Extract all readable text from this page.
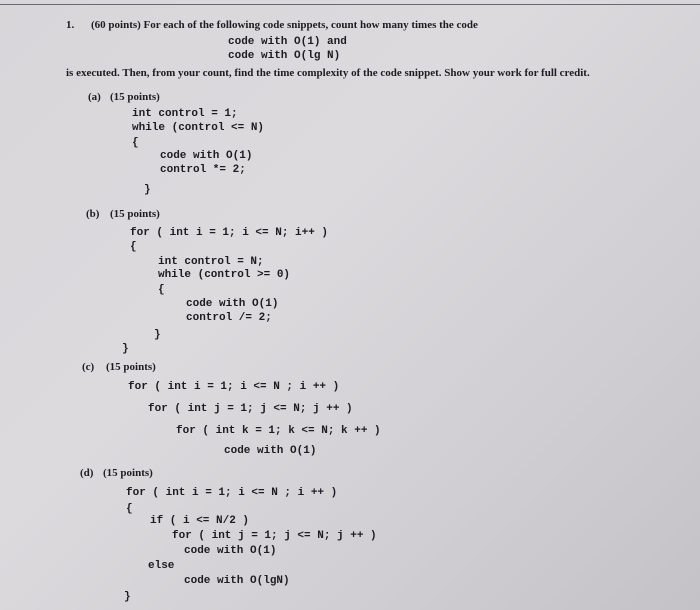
1. (60 points) For each of the following code snippets, count how many times the code
code with O(1) and
code with O(lg N)
is executed. Then, from your count, find the time complexity of the code snippet. Show your work for full credit.
(a) (15 points)
int control = 1;
while (control <= N)
{
code with O(1)
control *= 2;
}
(b) (15 points)
for ( int i = 1; i <= N; i++ )
{
int control = N;
while (control >= 0)
{
code with O(1)
control /= 2;
}
}
(c) (15 points)
for ( int i = 1; i <= N ; i ++ )
for ( int j = 1; j <= N; j ++ )
for ( int k = 1; k <= N; k ++ )
code with O(1)
(d) (15 points)
for ( int i = 1; i <= N ; i ++ )
{
if ( i <= N/2 )
for ( int j = 1; j <= N; j ++ )
code with O(1)
else
code with O(lgN)
}
